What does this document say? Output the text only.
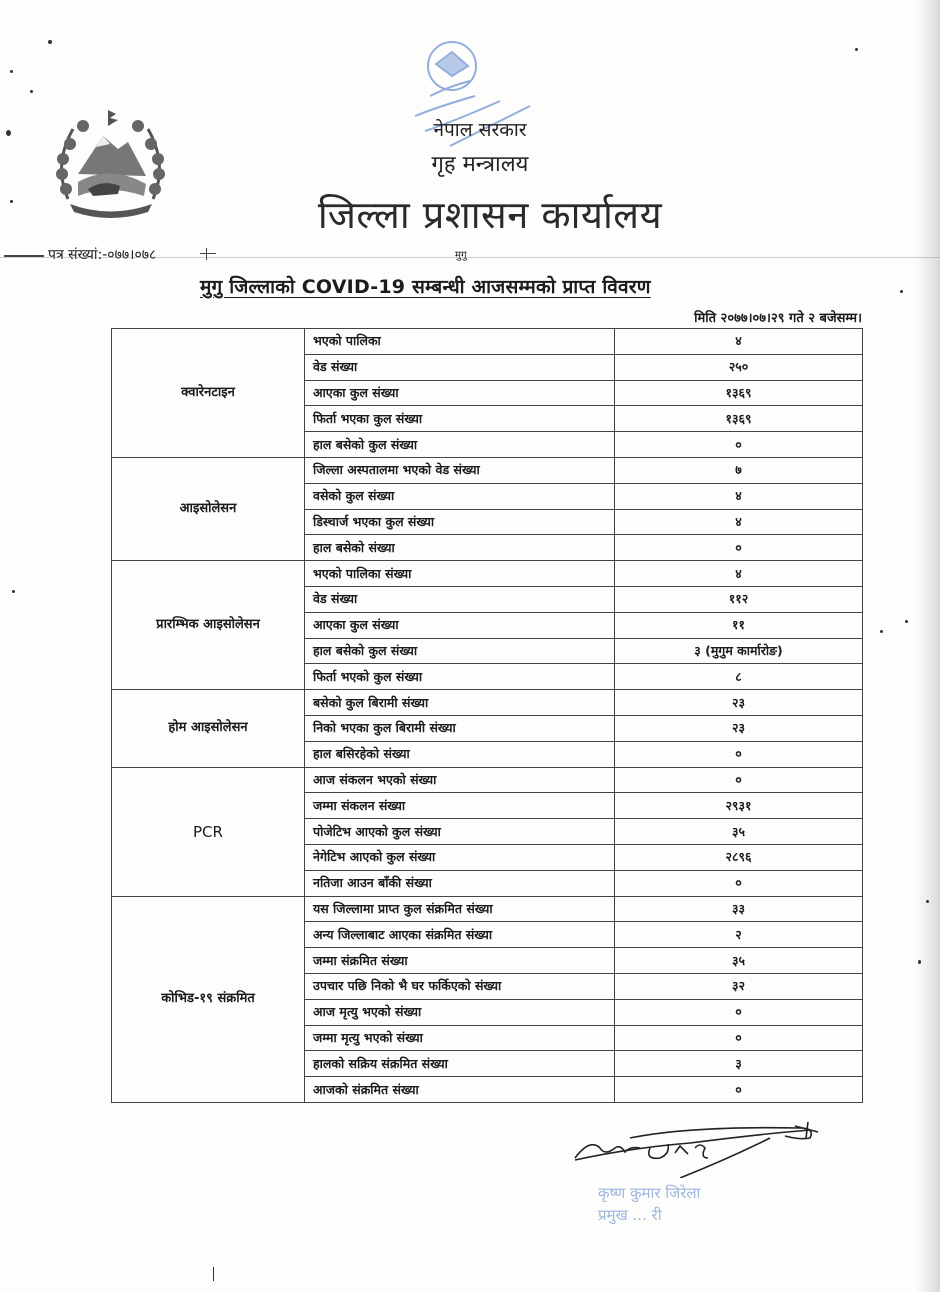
नेपाल सरकार
गृह मन्त्रालय
जिल्ला प्रशासन कार्यालय
पत्र संख्यां:-०७७।०७८	मुगु
मुगु जिल्लाको COVID-19 सम्बन्धी आजसम्मको प्राप्त विवरण
मिति २०७७।०७।२९ गते २ बजेसम्म।
क्वारेनटाइन	भएको पालिका	४
	वेड संख्या	२५०
	आएका कुल संख्या	१३६९
	फिर्ता भएका कुल संख्या	१३६९
	हाल बसेको कुल संख्या	०
आइसोलेसन	जिल्ला अस्पतालमा भएको वेड संख्या	७
	वसेको कुल संख्या	४
	डिस्चार्ज भएका कुल संख्या	४
	हाल बसेको संख्या	०
प्रारम्भिक आइसोलेसन	भएको पालिका संख्या	४
	वेड संख्या	११२
	आएका कुल संख्या	११
	हाल बसेको कुल संख्या	३ (मुगुम कार्मारोङ)
	फिर्ता भएको कुल संख्या	८
होम आइसोलेसन	बसेको कुल बिरामी संख्या	२३
	निको भएका कुल बिरामी संख्या	२३
	हाल बसिरहेको संख्या	०
PCR	आज संकलन भएको संख्या	०
	जम्मा संकलन संख्या	२९३१
	पोजेटिभ आएको कुल संख्या	३५
	नेगेटिभ आएको कुल संख्या	२८९६
	नतिजा आउन बाँकी संख्या	०
कोभिड-१९ संक्रमित	यस जिल्लामा प्राप्त कुल संक्रमित संख्या	३३
	अन्य जिल्लाबाट आएका संक्रमित संख्या	२
	जम्मा संक्रमित संख्या	३५
	उपचार पछि निको भै घर फर्किएको संख्या	३२
	आज मृत्यु भएको संख्या	०
	जम्मा मृत्यु भएको संख्या	०
	हालको सक्रिय संक्रमित संख्या	३
	आजको संक्रमित संख्या	०
कृष्ण कुमार जिरेला
प्रमुख ... री
